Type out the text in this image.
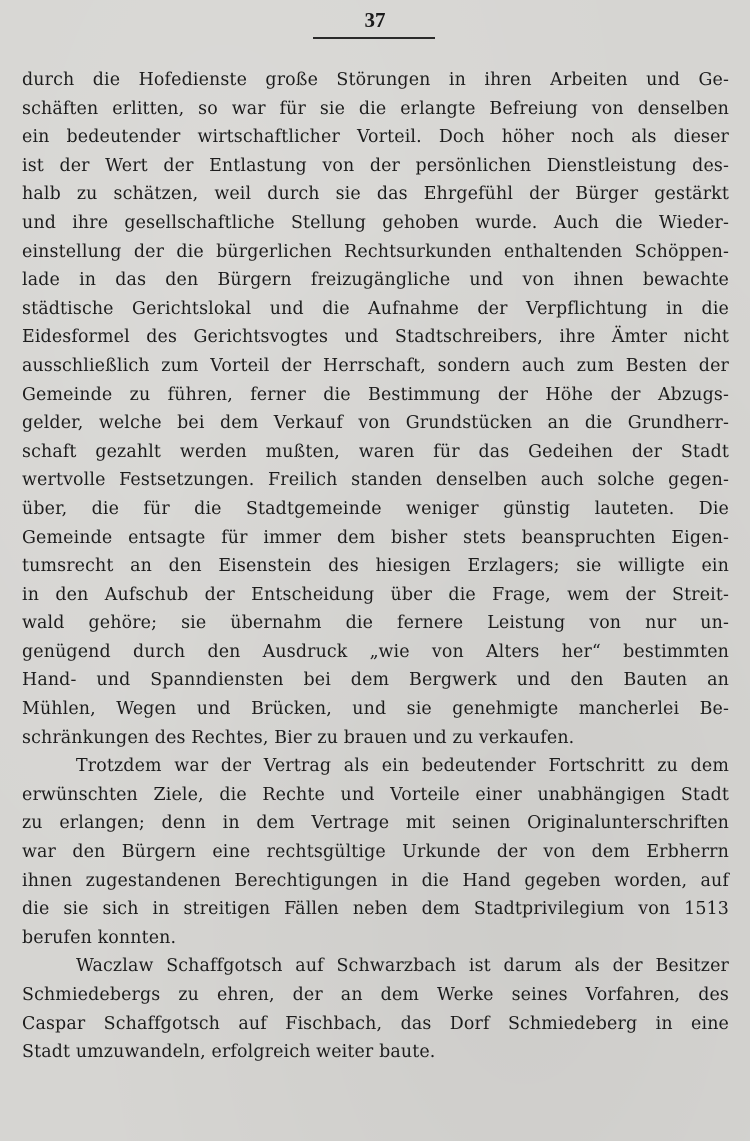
37
durch die Hofedienste große Störungen in ihren Arbeiten und Ge-
schäften erlitten, so war für sie die erlangte Befreiung von denselben
ein bedeutender wirtschaftlicher Vorteil. Doch höher noch als dieser
ist der Wert der Entlastung von der persönlichen Dienstleistung des-
halb zu schätzen, weil durch sie das Ehrgefühl der Bürger gestärkt
und ihre gesellschaftliche Stellung gehoben wurde. Auch die Wieder-
einstellung der die bürgerlichen Rechtsurkunden enthaltenden Schöppen-
lade in das den Bürgern freizugängliche und von ihnen bewachte
städtische Gerichtslokal und die Aufnahme der Verpflichtung in die
Eidesformel des Gerichtsvogtes und Stadtschreibers, ihre Ämter nicht
ausschließlich zum Vorteil der Herrschaft, sondern auch zum Besten der
Gemeinde zu führen, ferner die Bestimmung der Höhe der Abzugs-
gelder, welche bei dem Verkauf von Grundstücken an die Grundherr-
schaft gezahlt werden mußten, waren für das Gedeihen der Stadt
wertvolle Festsetzungen. Freilich standen denselben auch solche gegen-
über, die für die Stadtgemeinde weniger günstig lauteten. Die
Gemeinde entsagte für immer dem bisher stets beanspruchten Eigen-
tumsrecht an den Eisenstein des hiesigen Erzlagers; sie willigte ein
in den Aufschub der Entscheidung über die Frage, wem der Streit-
wald gehöre; sie übernahm die fernere Leistung von nur un-
genügend durch den Ausdruck „wie von Alters her“ bestimmten
Hand- und Spanndiensten bei dem Bergwerk und den Bauten an
Mühlen, Wegen und Brücken, und sie genehmigte mancherlei Be-
schränkungen des Rechtes, Bier zu brauen und zu verkaufen.
Trotzdem war der Vertrag als ein bedeutender Fortschritt zu dem
erwünschten Ziele, die Rechte und Vorteile einer unabhängigen Stadt
zu erlangen; denn in dem Vertrage mit seinen Originalunterschriften
war den Bürgern eine rechtsgültige Urkunde der von dem Erbherrn
ihnen zugestandenen Berechtigungen in die Hand gegeben worden, auf
die sie sich in streitigen Fällen neben dem Stadtprivilegium von 1513
berufen konnten.
Waczlaw Schaffgotsch auf Schwarzbach ist darum als der Besitzer
Schmiedebergs zu ehren, der an dem Werke seines Vorfahren, des
Caspar Schaffgotsch auf Fischbach, das Dorf Schmiedeberg in eine
Stadt umzuwandeln, erfolgreich weiter baute.
